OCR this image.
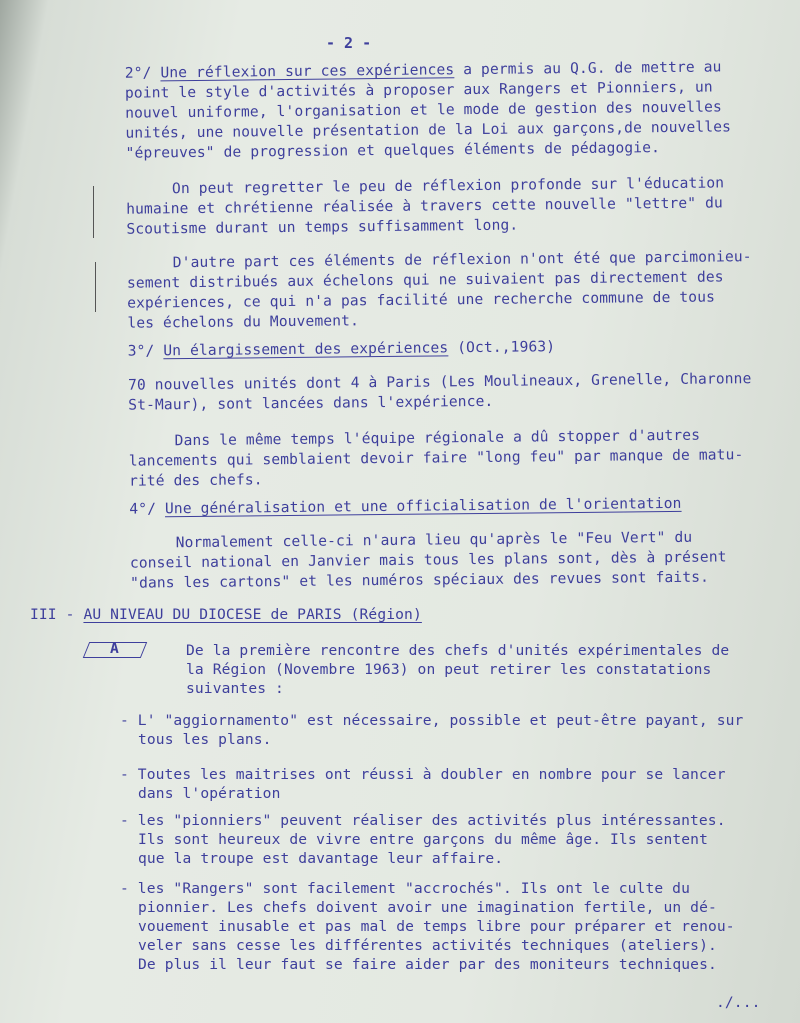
- 2 -
2°/ Une réflexion sur ces expériences a permis au Q.G. de mettre au
point le style d'activités à proposer aux Rangers et Pionniers, un
nouvel uniforme, l'organisation et le mode de gestion des nouvelles
unités, une nouvelle présentation de la Loi aux garçons,de nouvelles
"épreuves" de progression et quelques éléments de pédagogie.
On peut regretter le peu de réflexion profonde sur l'éducation
humaine et chrétienne réalisée à travers cette nouvelle "lettre" du
Scoutisme durant un temps suffisamment long.
D'autre part ces éléments de réflexion n'ont été que parcimonieu-
sement distribués aux échelons qui ne suivaient pas directement des
expériences, ce qui n'a pas facilité une recherche commune de tous
les échelons du Mouvement.
3°/ Un élargissement des expériences (Oct.,1963)
70 nouvelles unités dont 4 à Paris (Les Moulineaux, Grenelle, Charonne
St-Maur), sont lancées dans l'expérience.
Dans le même temps l'équipe régionale a dû stopper d'autres
lancements qui semblaient devoir faire "long feu" par manque de matu-
rité des chefs.
4°/ Une généralisation et une officialisation de l'orientation
Normalement celle-ci n'aura lieu qu'après le "Feu Vert" du
conseil national en Janvier mais tous les plans sont, dès à présent
"dans les cartons" et les numéros spéciaux des revues sont faits.
III - AU NIVEAU DU DIOCESE de PARIS (Région)
A	De la première rencontre des chefs d'unités expérimentales de
la Région (Novembre 1963) on peut retirer les constatations
suivantes :
- L' "aggiornamento" est nécessaire, possible et peut-être payant, sur
tous les plans.
- Toutes les maitrises ont réussi à doubler en nombre pour se lancer
dans l'opération
- les "pionniers" peuvent réaliser des activités plus intéressantes.
Ils sont heureux de vivre entre garçons du même âge. Ils sentent
que la troupe est davantage leur affaire.
- les "Rangers" sont facilement "accrochés". Ils ont le culte du
pionnier. Les chefs doivent avoir une imagination fertile, un dé-
vouement inusable et pas mal de temps libre pour préparer et renou-
veler sans cesse les différentes activités techniques (ateliers).
De plus il leur faut se faire aider par des moniteurs techniques.
./...
